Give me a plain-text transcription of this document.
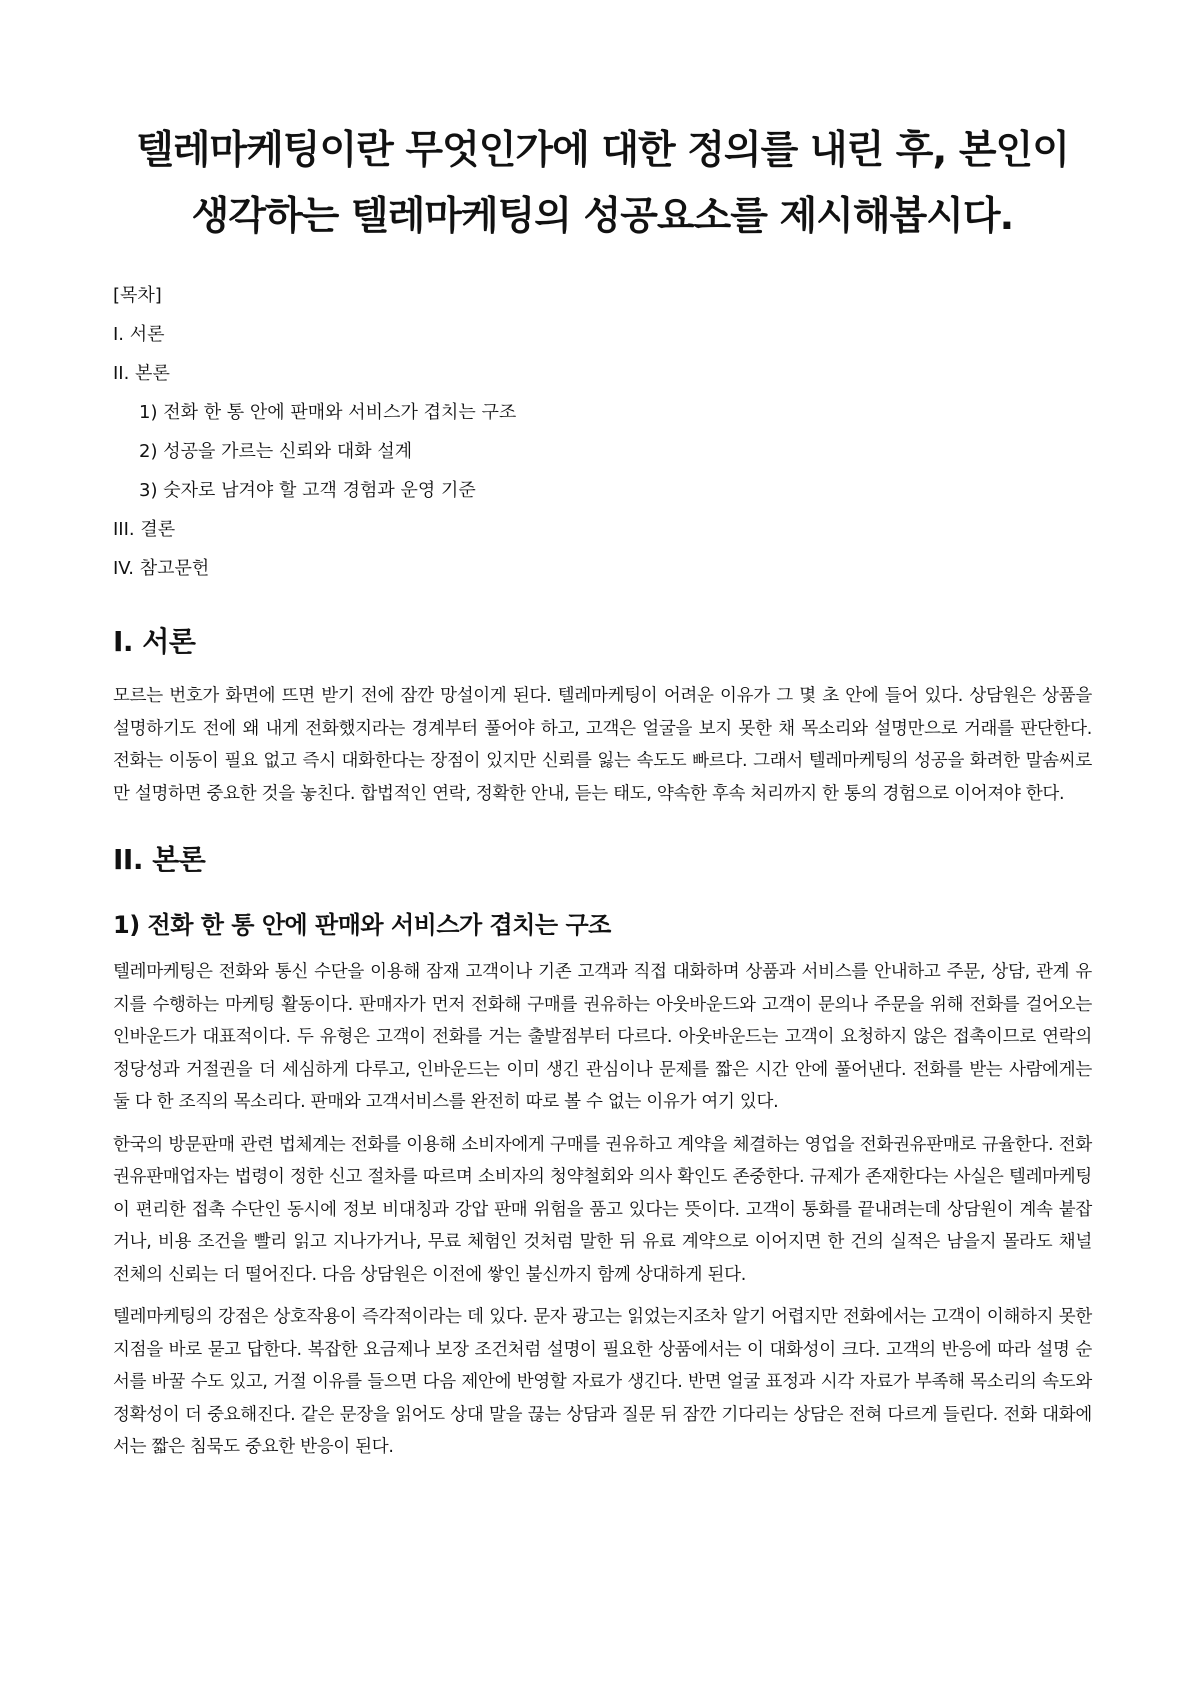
텔레마케팅이란 무엇인가에 대한 정의를 내린 후, 본인이 생각하는 텔레마케팅의 성공요소를 제시해봅시다.
[목차]
I. 서론
II. 본론
1) 전화 한 통 안에 판매와 서비스가 겹치는 구조
2) 성공을 가르는 신뢰와 대화 설계
3) 숫자로 남겨야 할 고객 경험과 운영 기준
III. 결론
IV. 참고문헌
I. 서론

모르는 번호가 화면에 뜨면 받기 전에 잠깐 망설이게 된다. 텔레마케팅이 어려운 이유가 그 몇 초 안에 들어 있다. 상담원은 상품을 설명하기도 전에 왜 내게 전화했지라는 경계부터 풀어야 하고, 고객은 얼굴을 보지 못한 채 목소리와 설명만으로 거래를 판단한다. 전화는 이동이 필요 없고 즉시 대화한다는 장점이 있지만 신뢰를 잃는 속도도 빠르다. 그래서 텔레마케팅의 성공을 화려한 말솜씨로만 설명하면 중요한 것을 놓친다. 합법적인 연락, 정확한 안내, 듣는 태도, 약속한 후속 처리까지 한 통의 경험으로 이어져야 한다.

II. 본론
1) 전화 한 통 안에 판매와 서비스가 겹치는 구조

텔레마케팅은 전화와 통신 수단을 이용해 잠재 고객이나 기존 고객과 직접 대화하며 상품과 서비스를 안내하고 주문, 상담, 관계 유지를 수행하는 마케팅 활동이다. 판매자가 먼저 전화해 구매를 권유하는 아웃바운드와 고객이 문의나 주문을 위해 전화를 걸어오는 인바운드가 대표적이다. 두 유형은 고객이 전화를 거는 출발점부터 다르다. 아웃바운드는 고객이 요청하지 않은 접촉이므로 연락의 정당성과 거절권을 더 세심하게 다루고, 인바운드는 이미 생긴 관심이나 문제를 짧은 시간 안에 풀어낸다. 전화를 받는 사람에게는 둘 다 한 조직의 목소리다. 판매와 고객서비스를 완전히 따로 볼 수 없는 이유가 여기 있다.

한국의 방문판매 관련 법체계는 전화를 이용해 소비자에게 구매를 권유하고 계약을 체결하는 영업을 전화권유판매로 규율한다. 전화권유판매업자는 법령이 정한 신고 절차를 따르며 소비자의 청약철회와 의사 확인도 존중한다. 규제가 존재한다는 사실은 텔레마케팅이 편리한 접촉 수단인 동시에 정보 비대칭과 강압 판매 위험을 품고 있다는 뜻이다. 고객이 통화를 끝내려는데 상담원이 계속 붙잡거나, 비용 조건을 빨리 읽고 지나가거나, 무료 체험인 것처럼 말한 뒤 유료 계약으로 이어지면 한 건의 실적은 남을지 몰라도 채널 전체의 신뢰는 더 떨어진다. 다음 상담원은 이전에 쌓인 불신까지 함께 상대하게 된다.

텔레마케팅의 강점은 상호작용이 즉각적이라는 데 있다. 문자 광고는 읽었는지조차 알기 어렵지만 전화에서는 고객이 이해하지 못한 지점을 바로 묻고 답한다. 복잡한 요금제나 보장 조건처럼 설명이 필요한 상품에서는 이 대화성이 크다. 고객의 반응에 따라 설명 순서를 바꿀 수도 있고, 거절 이유를 들으면 다음 제안에 반영할 자료가 생긴다. 반면 얼굴 표정과 시각 자료가 부족해 목소리의 속도와 정확성이 더 중요해진다. 같은 문장을 읽어도 상대 말을 끊는 상담과 질문 뒤 잠깐 기다리는 상담은 전혀 다르게 들린다. 전화 대화에서는 짧은 침묵도 중요한 반응이 된다.
